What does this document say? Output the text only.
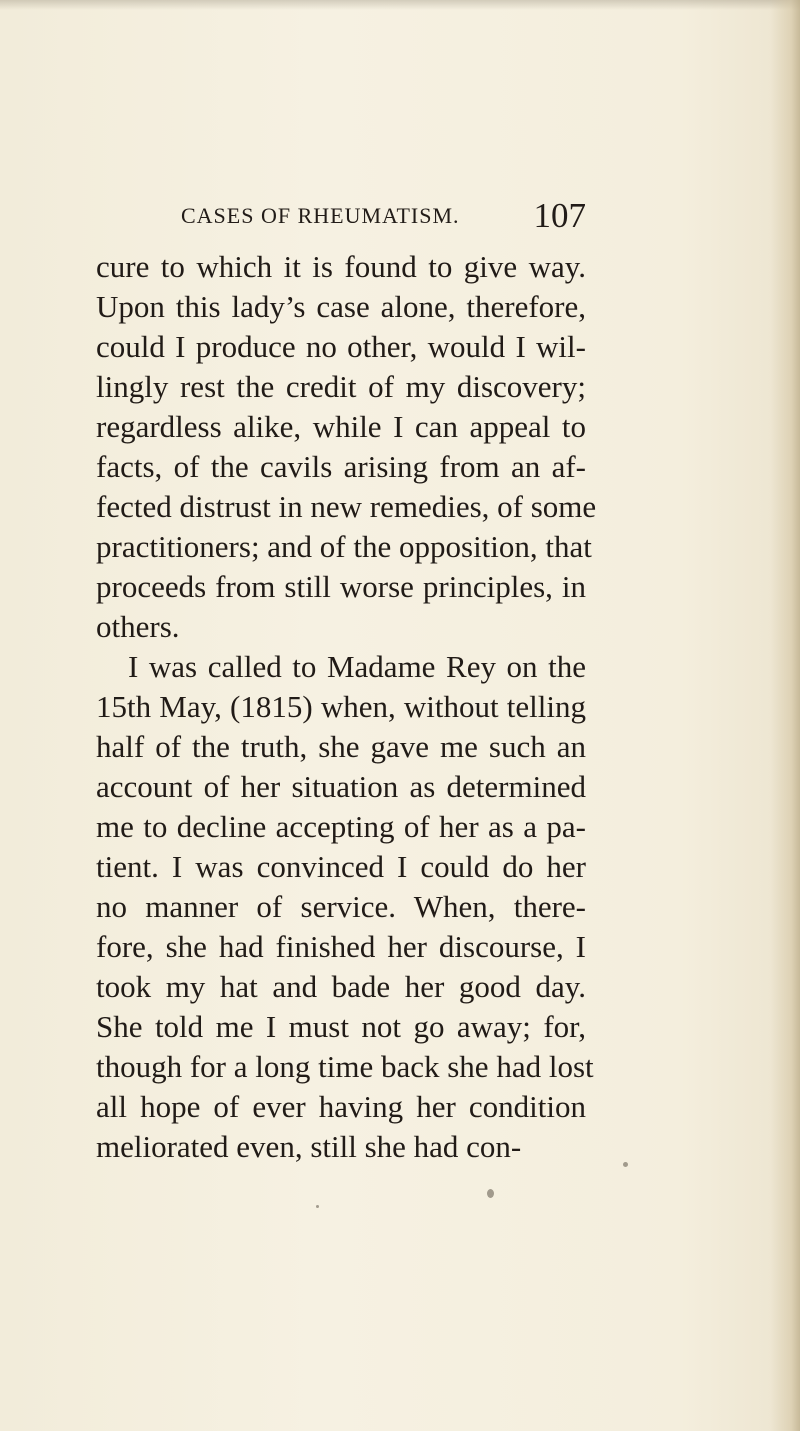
CASES OF RHEUMATISM. 107
cure to which it is found to give way.
Upon this lady’s case alone, therefore,
could I produce no other, would I wil-
lingly rest the credit of my discovery;
regardless alike, while I can appeal to
facts, of the cavils arising from an af-
fected distrust in new remedies, of some
practitioners; and of the opposition, that
proceeds from still worse principles, in
others.
I was called to Madame Rey on the
15th May, (1815) when, without telling
half of the truth, she gave me such an
account of her situation as determined
me to decline accepting of her as a pa-
tient. I was convinced I could do her
no manner of service. When, there-
fore, she had finished her discourse, I
took my hat and bade her good day.
She told me I must not go away; for,
though for a long time back she had lost
all hope of ever having her condition
meliorated even, still she had con-
